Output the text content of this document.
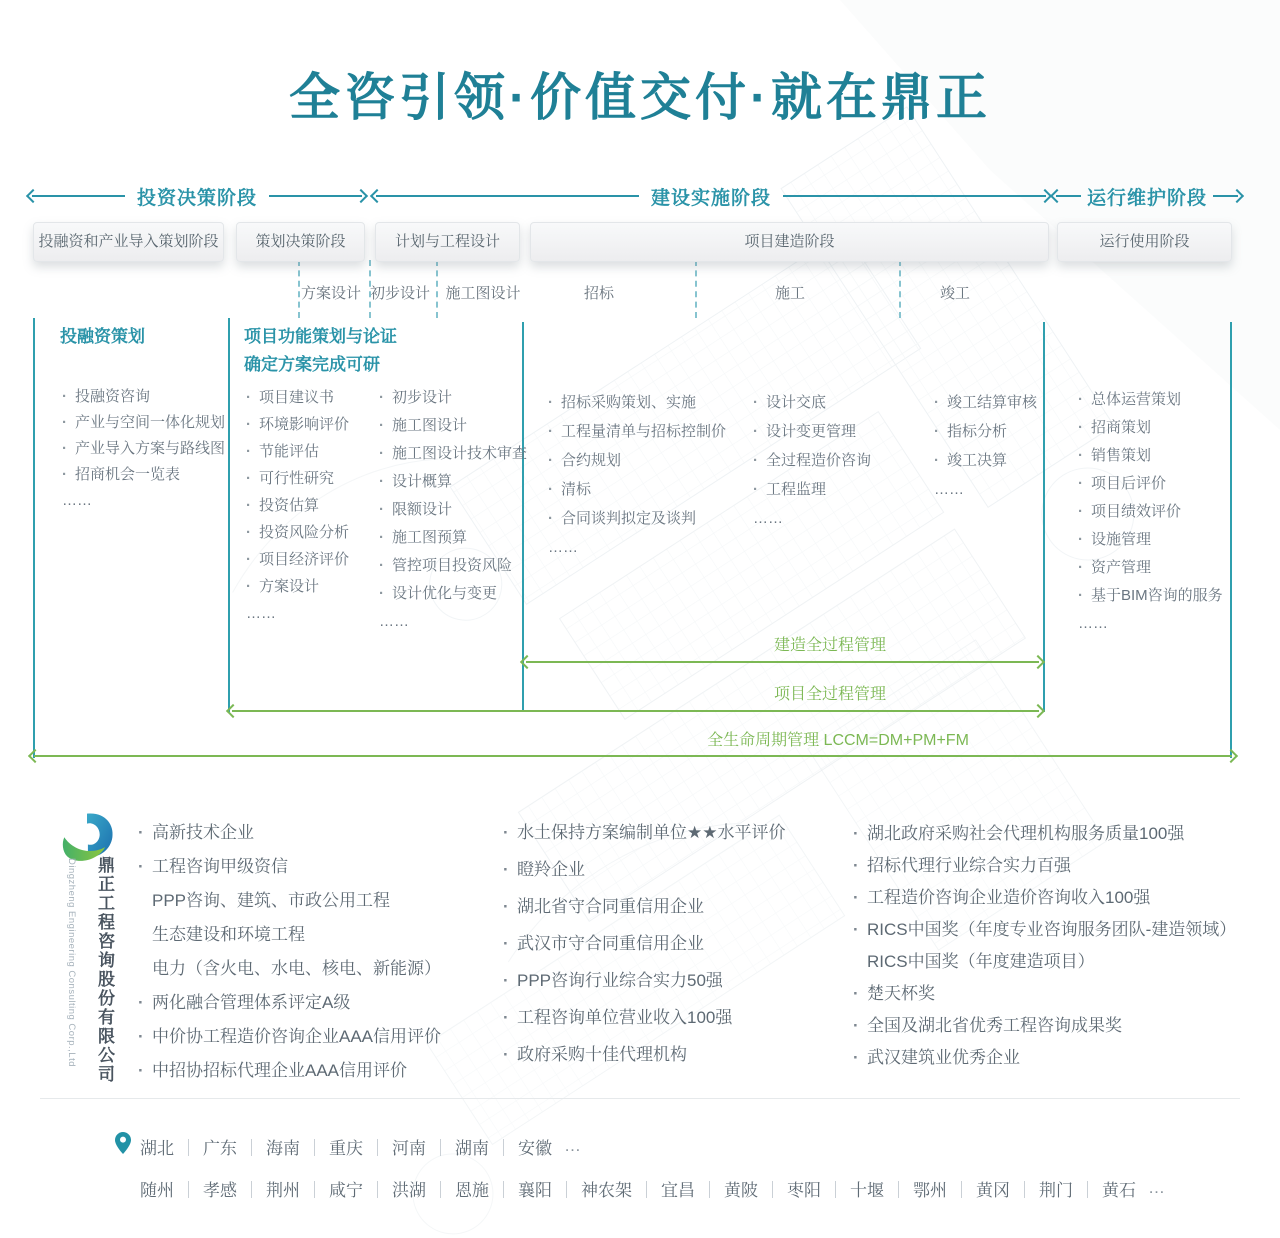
全咨引领·价值交付·就在鼎正
投资决策阶段	建设实施阶段	运行维护阶段
投融资和产业导入策划阶段	策划决策阶段	计划与工程设计	项目建造阶段	运行使用阶段
方案设计 初步设计 施工图设计	招标	施工	竣工
投融资策划	项目功能策划与论证
确定方案完成可研
· 投融资咨询
· 产业与空间一体化规划
· 产业导入方案与路线图
· 招商机会一览表
……
· 项目建议书
· 环境影响评价
· 节能评估
· 可行性研究
· 投资估算
· 投资风险分析
· 项目经济评价
· 方案设计
……
· 初步设计
· 施工图设计
· 施工图设计技术审查
· 设计概算
· 限额设计
· 施工图预算
· 管控项目投资风险
· 设计优化与变更
……
· 招标采购策划、实施
· 工程量清单与招标控制价
· 合约规划
· 清标
· 合同谈判拟定及谈判
……
· 设计交底
· 设计变更管理
· 全过程造价咨询
· 工程监理
……
· 竣工结算审核
· 指标分析
· 竣工决算
……
· 总体运营策划
· 招商策划
· 销售策划
· 项目后评价
· 项目绩效评价
· 设施管理
· 资产管理
· 基于BIM咨询的服务
……
建造全过程管理
项目全过程管理
全生命周期管理 LCCM=DM+PM+FM
鼎正工程咨询股份有限公司
Dingzheng Engineering Consulting Corp.,Ltd
· 高新技术企业
· 工程咨询甲级资信
PPP咨询、建筑、市政公用工程
生态建设和环境工程
电力（含火电、水电、核电、新能源）
· 两化融合管理体系评定A级
· 中价协工程造价咨询企业AAA信用评价
· 中招协招标代理企业AAA信用评价
· 水土保持方案编制单位★★水平评价
· 瞪羚企业
· 湖北省守合同重信用企业
· 武汉市守合同重信用企业
· PPP咨询行业综合实力50强
· 工程咨询单位营业收入100强
· 政府采购十佳代理机构
· 湖北政府采购社会代理机构服务质量100强
· 招标代理行业综合实力百强
· 工程造价咨询企业造价咨询收入100强
· RICS中国奖（年度专业咨询服务团队-建造领域）
RICS中国奖（年度建造项目）
· 楚天杯奖
· 全国及湖北省优秀工程咨询成果奖
· 武汉建筑业优秀企业
湖北	｜ 广东	｜ 海南	｜ 重庆	｜ 河南	｜ 湖南	｜ 安徽 …
随州	｜ 孝感	｜ 荆州	｜ 咸宁	｜ 洪湖	｜ 恩施	｜ 襄阳	｜ 神农架	｜ 宜昌	｜ 黄陂	｜ 枣阳	｜ 十堰	｜ 鄂州	｜ 黄冈	｜ 荆门	｜ 黄石 …
